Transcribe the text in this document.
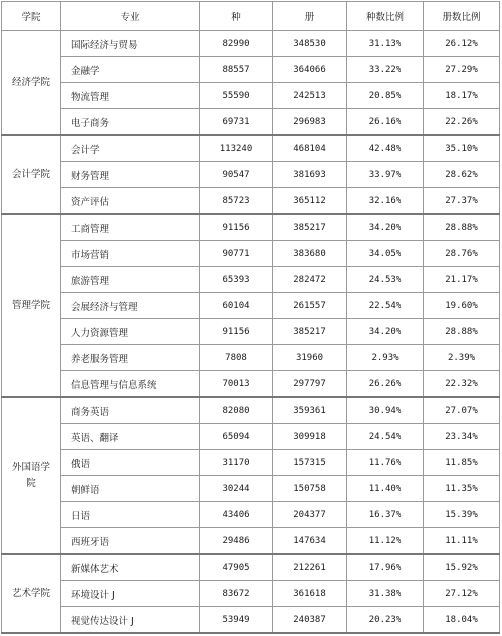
学院	专业	种	册	种数比例	册数比例
经济学院	国际经济与贸易	82990	348530	31.13%	26.12%
	金融学	88557	364066	33.22%	27.29%
	物流管理	55590	242513	20.85%	18.17%
	电子商务	69731	296983	26.16%	22.26%
会计学院	会计学	113240	468104	42.48%	35.10%
	财务管理	90547	381693	33.97%	28.62%
	资产评估	85723	365112	32.16%	27.37%
管理学院	工商管理	91156	385217	34.20%	28.88%
	市场营销	90771	383680	34.05%	28.76%
	旅游管理	65393	282472	24.53%	21.17%
	会展经济与管理	60104	261557	22.54%	19.60%
	人力资源管理	91156	385217	34.20%	28.88%
	养老服务管理	7808	31960	2.93%	2.39%
	信息管理与信息系统	70013	297797	26.26%	22.32%
外国语学院	商务英语	82080	359361	30.94%	27.07%
	英语、翻译	65094	309918	24.54%	23.34%
	俄语	31170	157315	11.76%	11.85%
	朝鲜语	30244	150758	11.40%	11.35%
	日语	43406	204377	16.37%	15.39%
	西班牙语	29486	147634	11.12%	11.11%
艺术学院	新媒体艺术	47905	212261	17.96%	15.92%
	环境设计 J	83672	361618	31.38%	27.12%
	视觉传达设计 J	53949	240387	20.23%	18.04%
